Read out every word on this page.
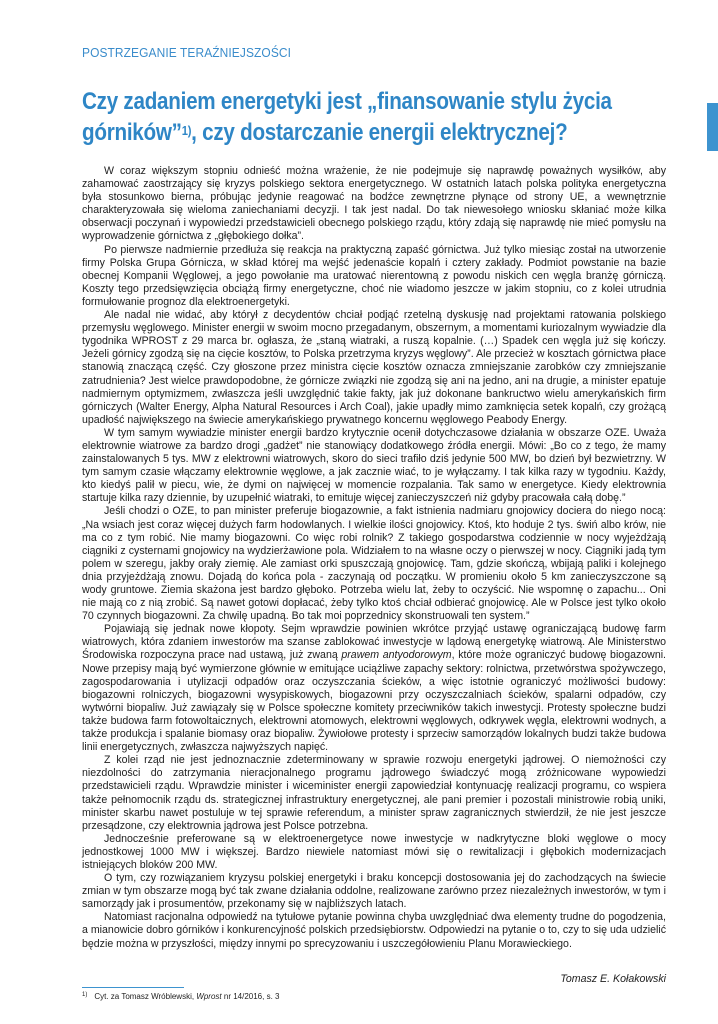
POSTRZEGANIE TERAŹNIEJSZOŚCI
Czy zadaniem energetyki jest „finansowanie stylu życia górników”$^{1)}$, czy dostarczanie energii elektrycznej?

W coraz większym stopniu odnieść można wrażenie, że nie podejmuje się naprawdę poważnych wysiłków, aby zahamować zaostrzający się kryzys polskiego sektora energetycznego. W ostatnich latach polska polityka energetyczna była stosunkowo bierna, próbując jedynie reagować na bodźce zewnętrzne płynące od strony UE, a wewnętrznie charakteryzowała się wieloma zaniechaniami decyzji. I tak jest nadal. Do tak niewesołego wniosku skłaniać może kilka obserwacji poczynań i wypowiedzi przedstawicieli obecnego polskiego rządu, który zdają się naprawdę nie mieć pomysłu na wyprowadzenie górnictwa z „głębokiego dołka”.

Po pierwsze nadmiernie przedłuża się reakcja na praktyczną zapaść górnictwa. Już tylko miesiąc został na utworzenie firmy Polska Grupa Górnicza, w skład której ma wejść jedenaście kopalń i cztery zakłady. Podmiot powstanie na bazie obecnej Kompanii Węglowej, a jego powołanie ma uratować nierentowną z powodu niskich cen węgla branżę górniczą. Koszty tego przedsięwzięcia obciążą firmy energetyczne, choć nie wiadomo jeszcze w jakim stopniu, co z kolei utrudnia formułowanie prognoz dla elektroenergetyki.

Ale nadal nie widać, aby którył z decydentów chciał podjąć rzetelną dyskusję nad projektami ratowania polskiego przemysłu węglowego. Minister energii w swoim mocno przegadanym, obszernym, a momentami kuriozalnym wywiadzie dla tygodnika WPROST z 29 marca br. ogłasza, że „staną wiatraki, a ruszą kopalnie. (…) Spadek cen węgla już się kończy. Jeżeli górnicy zgodzą się na cięcie kosztów, to Polska przetrzyma kryzys węglowy”. Ale przecież w kosztach górnictwa płace stanowią znaczącą część. Czy głoszone przez ministra cięcie kosztów oznacza zmniejszanie zarobków czy zmniejszanie zatrudnienia? Jest wielce prawdopodobne, że górnicze związki nie zgodzą się ani na jedno, ani na drugie, a minister epatuje nadmiernym optymizmem, zwłaszcza jeśli uwzględnić takie fakty, jak już dokonane bankructwo wielu amerykańskich firm górniczych (Walter Energy, Alpha Natural Resources i Arch Coal), jakie upadły mimo zamknięcia setek kopalń, czy grożącą upadłość największego na świecie amerykańskiego prywatnego koncernu węglowego Peabody Energy.

W tym samym wywiadzie minister energii bardzo krytycznie ocenił dotychczasowe działania w obszarze OZE. Uważa elektrownie wiatrowe za bardzo drogi „gadżet” nie stanowiący dodatkowego źródła energii. Mówi: „Bo co z tego, że mamy zainstalowanych 5 tys. MW z elektrowni wiatrowych, skoro do sieci trafiło dziś jedynie 500 MW, bo dzień był bezwietrzny. W tym samym czasie włączamy elektrownie węglowe, a jak zacznie wiać, to je wyłączamy. I tak kilka razy w tygodniu. Każdy, kto kiedyś palił w piecu, wie, że dymi on najwięcej w momencie rozpalania. Tak samo w energetyce. Kiedy elektrownia startuje kilka razy dziennie, by uzupełnić wiatraki, to emituje więcej zanieczyszczeń niż gdyby pracowała całą dobę.”

Jeśli chodzi o OZE, to pan minister preferuje biogazownie, a fakt istnienia nadmiaru gnojowicy dociera do niego nocą: „Na wsiach jest coraz więcej dużych farm hodowlanych. I wielkie ilości gnojowicy. Ktoś, kto hoduje 2 tys. świń albo krów, nie ma co z tym robić. Nie mamy biogazowni. Co więc robi rolnik? Z takiego gospodarstwa codziennie w nocy wyjeżdżają ciągniki z cysternami gnojowicy na wydzierżawione pola. Widziałem to na własne oczy o pierwszej w nocy. Ciągniki jadą tym polem w szeregu, jakby orały ziemię. Ale zamiast orki spuszczają gnojowicę. Tam, gdzie skończą, wbijają paliki i kolejnego dnia przyjeżdżają znowu. Dojadą do końca pola - zaczynają od początku. W promieniu około 5 km zanieczyszczone są wody gruntowe. Ziemia skażona jest bardzo głęboko. Potrzeba wielu lat, żeby to oczyścić. Nie wspomnę o zapachu... Oni nie mają co z nią zrobić. Są nawet gotowi dopłacać, żeby tylko ktoś chciał odbierać gnojowicę. Ale w Polsce jest tylko około 70 czynnych biogazowni. Za chwilę upadną. Bo tak moi poprzednicy skonstruowali ten system.”

Pojawiają się jednak nowe kłopoty. Sejm wprawdzie powinien wkrótce przyjąć ustawę ograniczającą budowę farm wiatrowych, która zdaniem inwestorów ma szanse zablokować inwestycje w lądową energetykę wiatrową. Ale Ministerstwo Środowiska rozpoczyna prace nad ustawą, już zwaną prawem antyodorowym, które może ograniczyć budowę biogazowni. Nowe przepisy mają być wymierzone głównie w emitujące uciążliwe zapachy sektory: rolnictwa, przetwórstwa spożywczego, zagospodarowania i utylizacji odpadów oraz oczyszczania ścieków, a więc istotnie ograniczyć możliwości budowy: biogazowni rolniczych, biogazowni wysypiskowych, biogazowni przy oczyszczalniach ścieków, spalarni odpadów, czy wytwórni biopaliw. Już zawiązały się w Polsce społeczne komitety przeciwników takich inwestycji. Protesty społeczne budzi także budowa farm fotowoltaicznych, elektrowni atomowych, elektrowni węglowych, odkrywek węgla, elektrowni wodnych, a także produkcja i spalanie biomasy oraz biopaliw. Żywiołowe protesty i sprzeciw samorządów lokalnych budzi także budowa linii energetycznych, zwłaszcza najwyższych napięć.

Z kolei rząd nie jest jednoznacznie zdeterminowany w sprawie rozwoju energetyki jądrowej. O niemożności czy niezdolności do zatrzymania nieracjonalnego programu jądrowego świadczyć mogą zróżnicowane wypowiedzi przedstawicieli rządu. Wprawdzie minister i wiceminister energii zapowiedział kontynuację realizacji programu, co wspiera także pełnomocnik rządu ds. strategicznej infrastruktury energetycznej, ale pani premier i pozostali ministrowie robią uniki, minister skarbu nawet postuluje w tej sprawie referendum, a minister spraw zagranicznych stwierdził, że nie jest jeszcze przesądzone, czy elektrownia jądrowa jest Polsce potrzebna.

Jednocześnie preferowane są w elektroenergetyce nowe inwestycje w nadkrytyczne bloki węglowe o mocy jednostkowej 1000 MW i większej. Bardzo niewiele natomiast mówi się o rewitalizacji i głębokich modernizacjach istniejących bloków 200 MW.

O tym, czy rozwiązaniem kryzysu polskiej energetyki i braku koncepcji dostosowania jej do zachodzących na świecie zmian w tym obszarze mogą być tak zwane działania oddolne, realizowane zarówno przez niezależnych inwestorów, w tym i samorządy jak i prosumentów, przekonamy się w najbliższych latach.

Natomiast racjonalna odpowiedź na tytułowe pytanie powinna chyba uwzględniać dwa elementy trudne do pogodzenia, a mianowicie dobro górników i konkurencyjność polskich przedsiębiorstw. Odpowiedzi na pytanie o to, czy to się uda udzielić będzie można w przyszłości, między innymi po sprecyzowaniu i uszczegółowieniu Planu Morawieckiego.

Tomasz E. Kołakowski
$^{1)}$ Cyt. za Tomasz Wróblewski, Wprost nr 14/2016, s. 3
